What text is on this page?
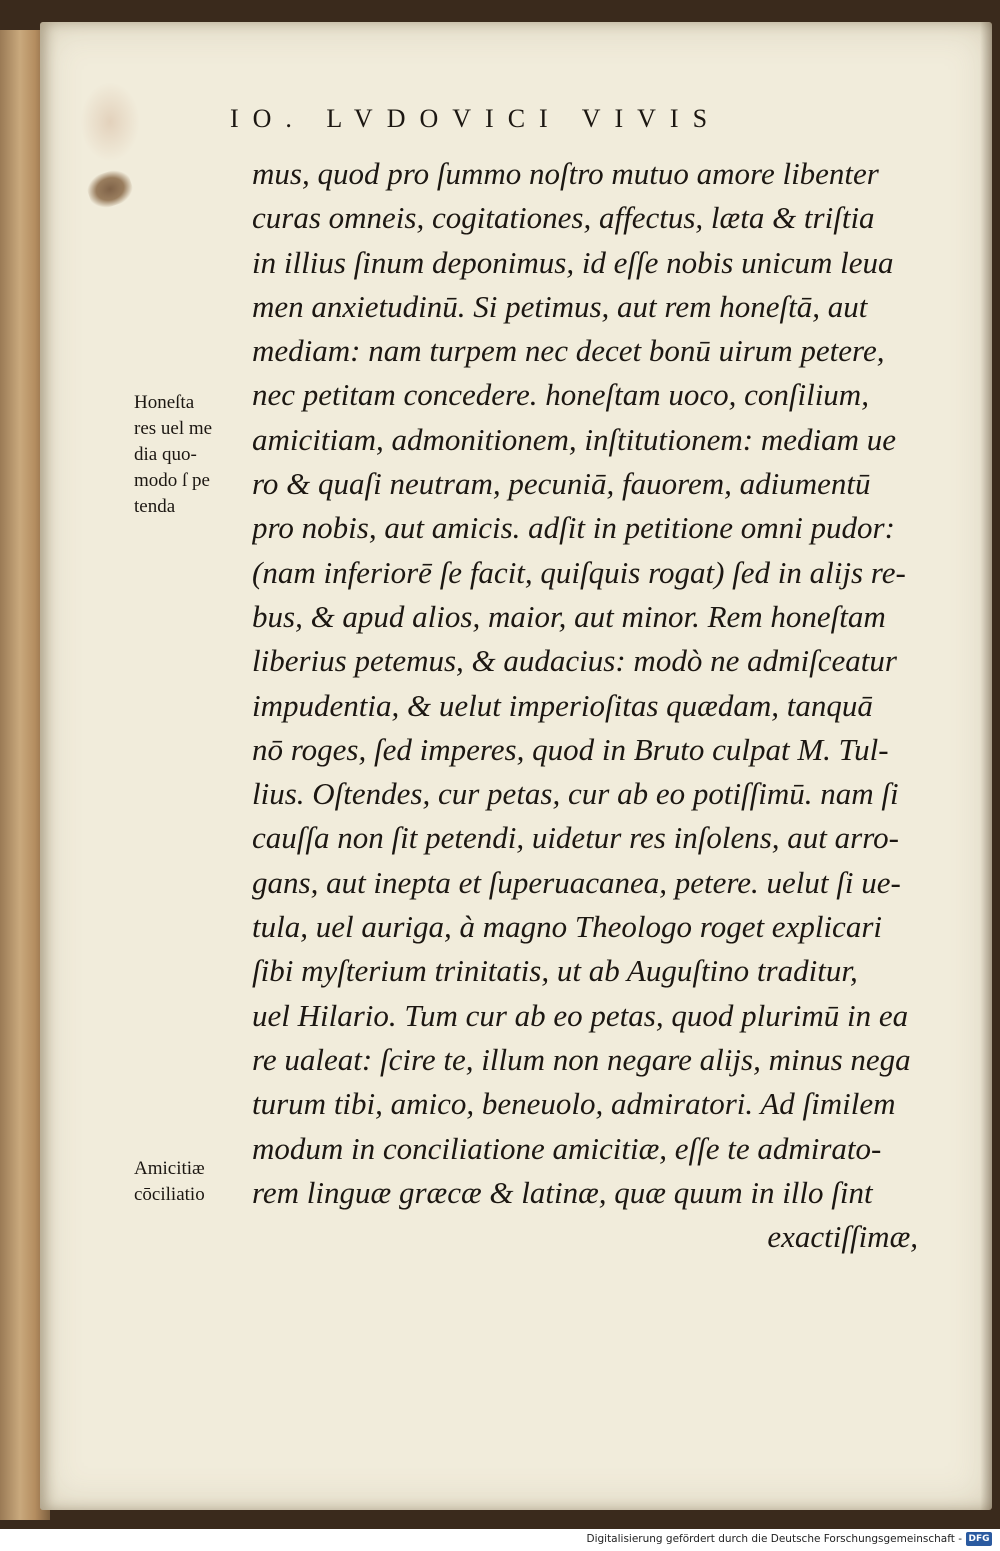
IO. LVDOVICI VIVIS
mus, quod pro ſummo noſtro mutuo amore libenter
curas omneis, cogitationes, affectus, læta & triſtia
in illius ſinum deponimus, id eſſe nobis unicum leua
men anxietudinū. Si petimus, aut rem honeſtā, aut
mediam: nam turpem nec decet bonū uirum petere,
nec petitam concedere. honeſtam uoco, conſilium,
amicitiam, admonitionem, inſtitutionem: mediam ue
ro & quaſi neutram, pecuniā, fauorem, adiumentū
pro nobis, aut amicis. adſit in petitione omni pudor:
(nam inferiorē ſe facit, quiſquis rogat) ſed in alijs re-
bus, & apud alios, maior, aut minor. Rem honeſtam
liberius petemus, & audacius: modò ne admiſceatur
impudentia, & uelut imperioſitas quædam, tanquā
nō roges, ſed imperes, quod in Bruto culpat M. Tul-
lius. Oſtendes, cur petas, cur ab eo potiſſimū. nam ſi
cauſſa non ſit petendi, uidetur res inſolens, aut arro-
gans, aut inepta et ſuperuacanea, petere. uelut ſi ue-
tula, uel auriga, à magno Theologo roget explicari
ſibi myſterium trinitatis, ut ab Auguſtino traditur,
uel Hilario. Tum cur ab eo petas, quod plurimū in ea
re ualeat: ſcire te, illum non negare aliјs, minus nega
turum tibi, amico, beneuolo, admiratori. Ad ſimilem
modum in conciliatione amicitiæ, eſſe te admirato-
rem linguæ græcæ & latinæ, quæ quum in illo ſint
exactiſſimæ,
Honeſta
res uel me
dia quo-
modo ſ pe
tenda
Amicitiæ
cōciliatio
Digitalisierung gefördert durch die Deutsche Forschungsgemeinschaft - DFG
